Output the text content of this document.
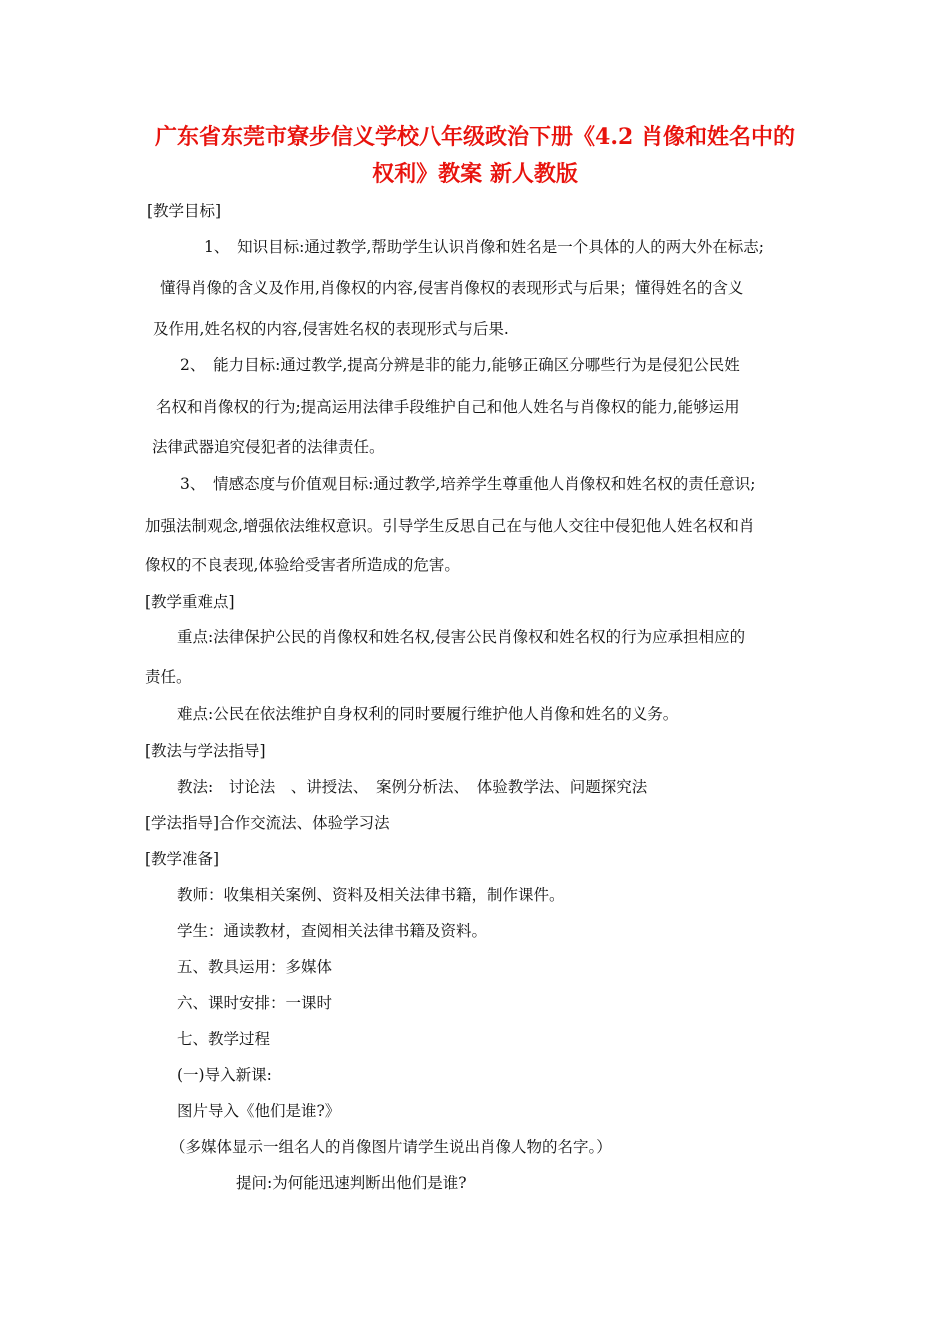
广东省东莞市寮步信义学校八年级政治下册《4.2 肖像和姓名中的
权利》教案 新人教版
[教学目标]
1、　知识目标:通过教学,帮助学生认识肖像和姓名是一个具体的人的两大外在标志;
懂得肖像的含义及作用,肖像权的内容,侵害肖像权的表现形式与后果；懂得姓名的含义
及作用,姓名权的内容,侵害姓名权的表现形式与后果.
2、　能力目标:通过教学,提高分辨是非的能力,能够正确区分哪些行为是侵犯公民姓
名权和肖像权的行为;提高运用法律手段维护自己和他人姓名与肖像权的能力,能够运用
法律武器追究侵犯者的法律责任。
3、　情感态度与价值观目标:通过教学,培养学生尊重他人肖像权和姓名权的责任意识;
加强法制观念,增强依法维权意识。引导学生反思自己在与他人交往中侵犯他人姓名权和肖
像权的不良表现,体验给受害者所造成的危害。
[教学重难点]
重点:法律保护公民的肖像权和姓名权,侵害公民肖像权和姓名权的行为应承担相应的
责任。
难点:公民在依法维护自身权利的同时要履行维护他人肖像和姓名的义务。
[教法与学法指导]
教法:　讨论法　、讲授法、　案例分析法、　体验教学法、问题探究法
[学法指导]合作交流法、体验学习法
[教学准备]
教师：收集相关案例、资料及相关法律书籍，制作课件。
学生：通读教材，查阅相关法律书籍及资料。
五、教具运用：多媒体
六、课时安排：一课时
七、教学过程
(一)导入新课:
图片导入《他们是谁?》
（多媒体显示一组名人的肖像图片请学生说出肖像人物的名字。）
提问:为何能迅速判断出他们是谁?
